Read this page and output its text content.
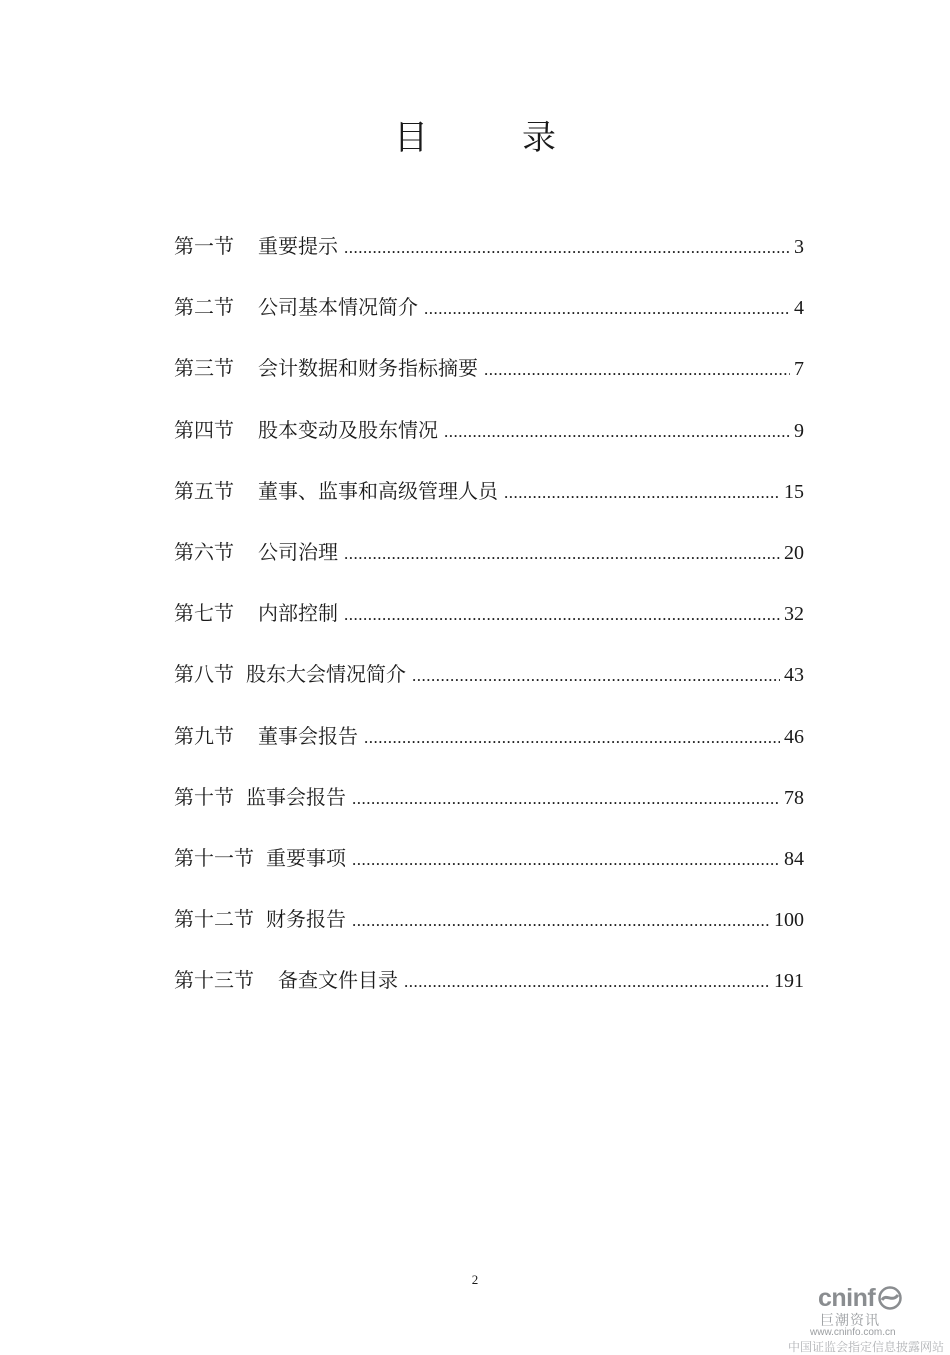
目　录
第一节 重要提示 .....	3
第二节 公司基本情况简介 .....	4
第三节 会计数据和财务指标摘要 .....	7
第四节 股本变动及股东情况 .....	9
第五节 董事、监事和高级管理人员 .....	15
第六节 公司治理 .....	20
第七节 内部控制 .....	32
第八节 股东大会情况简介 .....	43
第九节 董事会报告 .....	46
第十节 监事会报告 .....	78
第十一节 重要事项 .....	84
第十二节 财务报告 .....	100
第十三节 备查文件目录 .....	191
2
cninf
巨潮资讯
www.cninfo.com.cn
中国证监会指定信息披露网站
